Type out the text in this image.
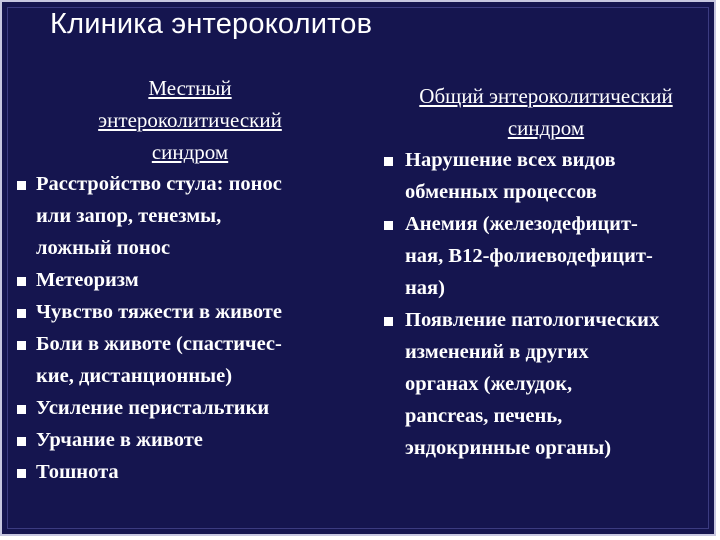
Клиника энтероколитов
Местный
энтероколитический
синдром
Расстройство стула: понос
или запор, тенезмы,
ложный понос
Метеоризм
Чувство тяжести в животе
Боли в животе (спастичес-
кие, дистанционные)
Усиление перистальтики
Урчание в животе
Тошнота
Общий энтероколитический
синдром
Нарушение всех видов
обменных процессов
Анемия (железодефицит-
ная, В12-фолиеводефицит-
ная)
Появление патологических
изменений в других
органах (желудок,
pancreas, печень,
эндокринные органы)
